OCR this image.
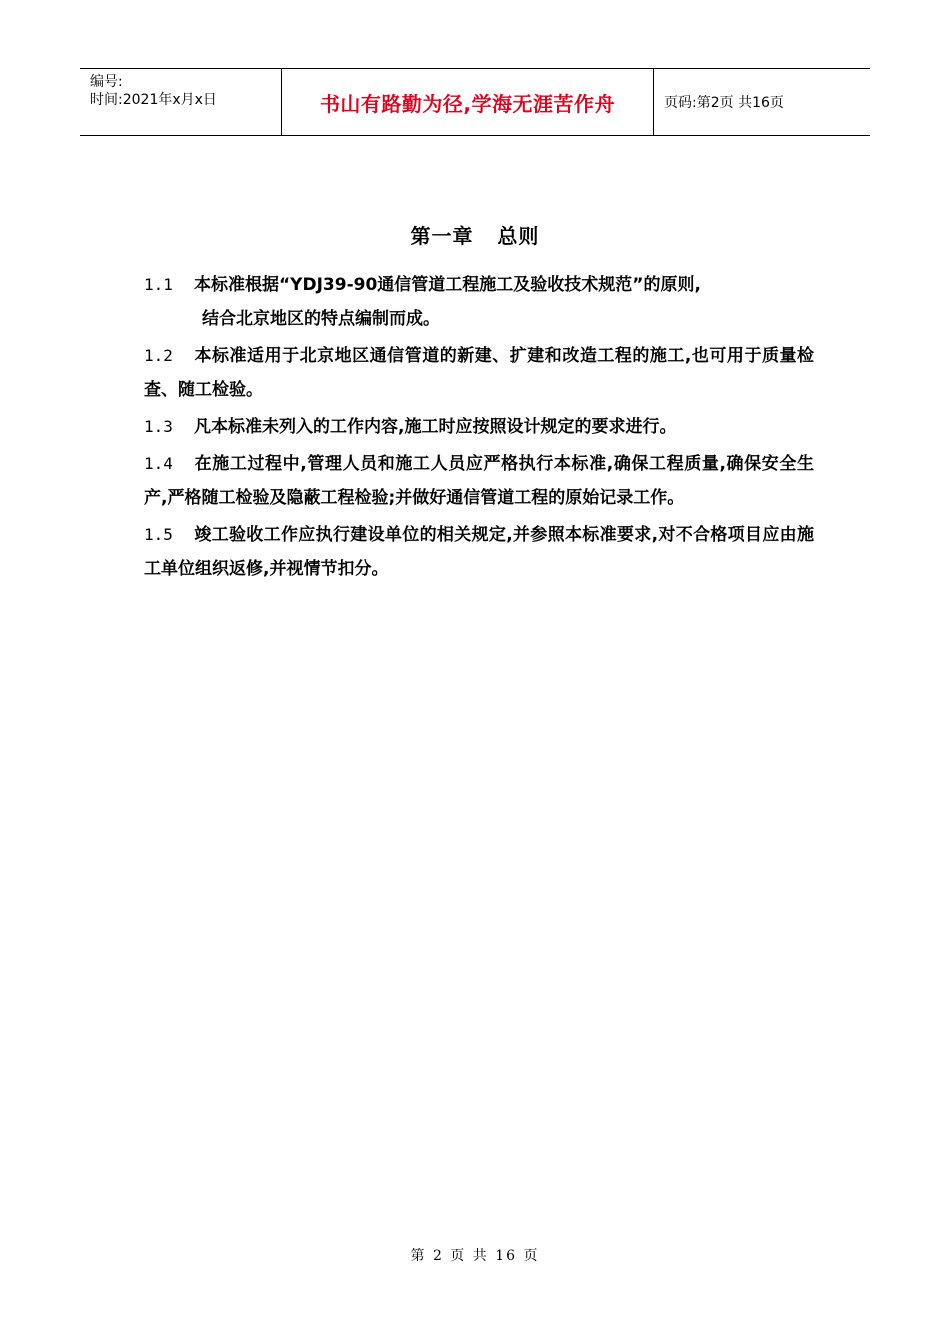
编号:
时间:2021年x月x日	书山有路勤为径,学海无涯苦作舟	页码:第2页 共16页
第一章   总则
1.1 本标准根据“YDJ39-90通信管道工程施工及验收技术规范”的原则,
结合北京地区的特点编制而成。
1.2 本标准适用于北京地区通信管道的新建、扩建和改造工程的施工,也可用于质量检查、随工检验。
1.3 凡本标准未列入的工作内容,施工时应按照设计规定的要求进行。
1.4 在施工过程中,管理人员和施工人员应严格执行本标准,确保工程质量,确保安全生产,严格随工检验及隐蔽工程检验;并做好通信管道工程的原始记录工作。
1.5 竣工验收工作应执行建设单位的相关规定,并参照本标准要求,对不合格项目应由施工单位组织返修,并视情节扣分。
第 2 页 共 16 页
